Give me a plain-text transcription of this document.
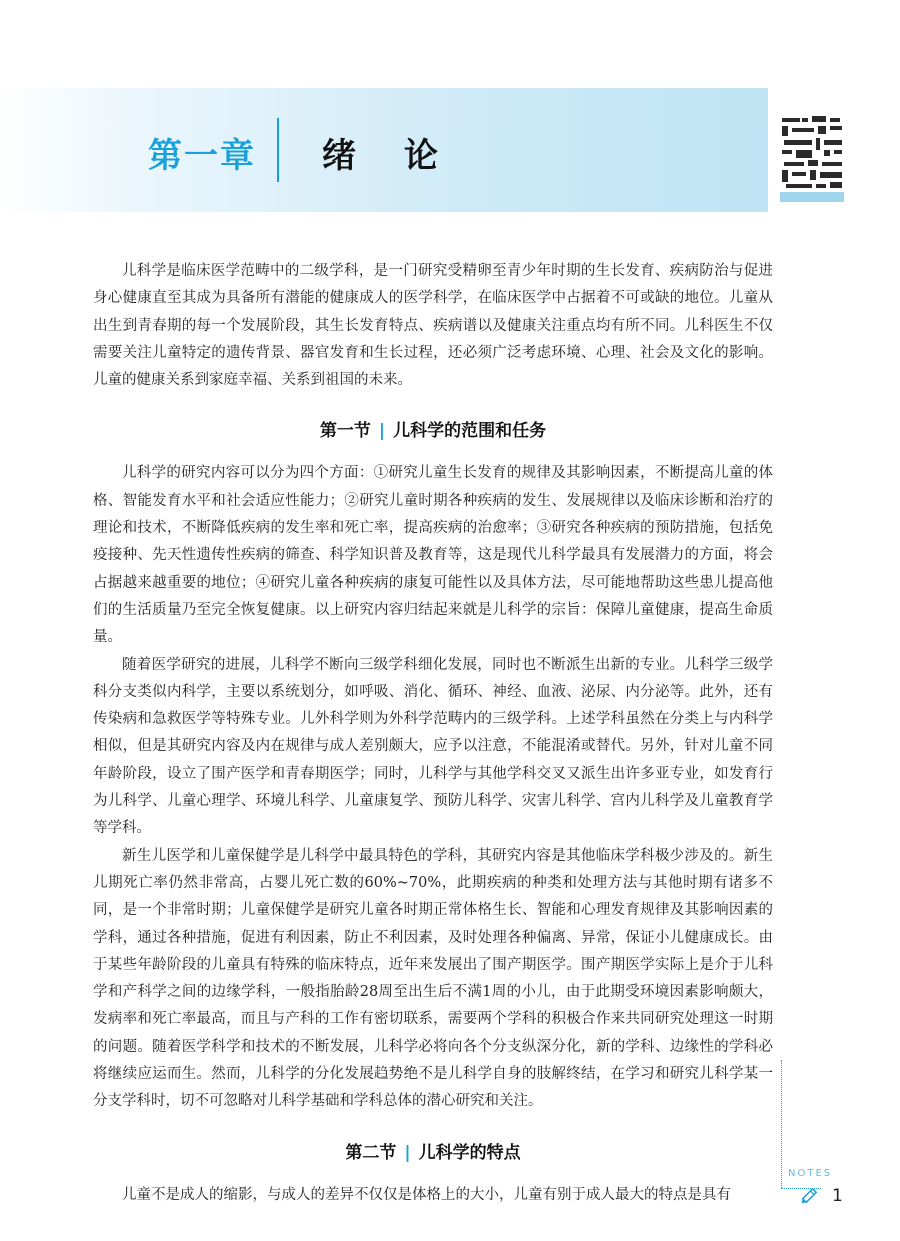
第一章 绪 论

儿科学是临床医学范畴中的二级学科，是一门研究受精卵至青少年时期的生长发育、疾病防治与促进身心健康直至其成为具备所有潜能的健康成人的医学科学，在临床医学中占据着不可或缺的地位。儿童从出生到青春期的每一个发展阶段，其生长发育特点、疾病谱以及健康关注重点均有所不同。儿科医生不仅需要关注儿童特定的遗传背景、器官发育和生长过程，还必须广泛考虑环境、心理、社会及文化的影响。儿童的健康关系到家庭幸福、关系到祖国的未来。

第一节 | 儿科学的范围和任务

儿科学的研究内容可以分为四个方面：①研究儿童生长发育的规律及其影响因素，不断提高儿童的体格、智能发育水平和社会适应性能力；②研究儿童时期各种疾病的发生、发展规律以及临床诊断和治疗的理论和技术，不断降低疾病的发生率和死亡率，提高疾病的治愈率；③研究各种疾病的预防措施，包括免疫接种、先天性遗传性疾病的筛查、科学知识普及教育等，这是现代儿科学最具有发展潜力的方面，将会占据越来越重要的地位；④研究儿童各种疾病的康复可能性以及具体方法，尽可能地帮助这些患儿提高他们的生活质量乃至完全恢复健康。以上研究内容归结起来就是儿科学的宗旨：保障儿童健康，提高生命质量。

随着医学研究的进展，儿科学不断向三级学科细化发展，同时也不断派生出新的专业。儿科学三级学科分支类似内科学，主要以系统划分，如呼吸、消化、循环、神经、血液、泌尿、内分泌等。此外，还有传染病和急救医学等特殊专业。儿外科学则为外科学范畴内的三级学科。上述学科虽然在分类上与内科学相似，但是其研究内容及内在规律与成人差别颇大，应予以注意，不能混淆或替代。另外，针对儿童不同年龄阶段，设立了围产医学和青春期医学；同时，儿科学与其他学科交叉又派生出许多亚专业，如发育行为儿科学、儿童心理学、环境儿科学、儿童康复学、预防儿科学、灾害儿科学、宫内儿科学及儿童教育学等学科。

新生儿医学和儿童保健学是儿科学中最具特色的学科，其研究内容是其他临床学科极少涉及的。新生儿期死亡率仍然非常高，占婴儿死亡数的60%~70%，此期疾病的种类和处理方法与其他时期有诸多不同，是一个非常时期；儿童保健学是研究儿童各时期正常体格生长、智能和心理发育规律及其影响因素的学科，通过各种措施，促进有利因素，防止不利因素，及时处理各种偏离、异常，保证小儿健康成长。由于某些年龄阶段的儿童具有特殊的临床特点，近年来发展出了围产期医学。围产期医学实际上是介于儿科学和产科学之间的边缘学科，一般指胎龄28周至出生后不满1周的小儿，由于此期受环境因素影响颇大，发病率和死亡率最高，而且与产科的工作有密切联系，需要两个学科的积极合作来共同研究处理这一时期的问题。随着医学科学和技术的不断发展，儿科学必将向各个分支纵深分化，新的学科、边缘性的学科必将继续应运而生。然而，儿科学的分化发展趋势绝不是儿科学自身的肢解终结，在学习和研究儿科学某一分支学科时，切不可忽略对儿科学基础和学科总体的潜心研究和关注。

第二节 | 儿科学的特点

儿童不是成人的缩影，与成人的差异不仅仅是体格上的大小，儿童有别于成人最大的特点是具有

NOTES
1
